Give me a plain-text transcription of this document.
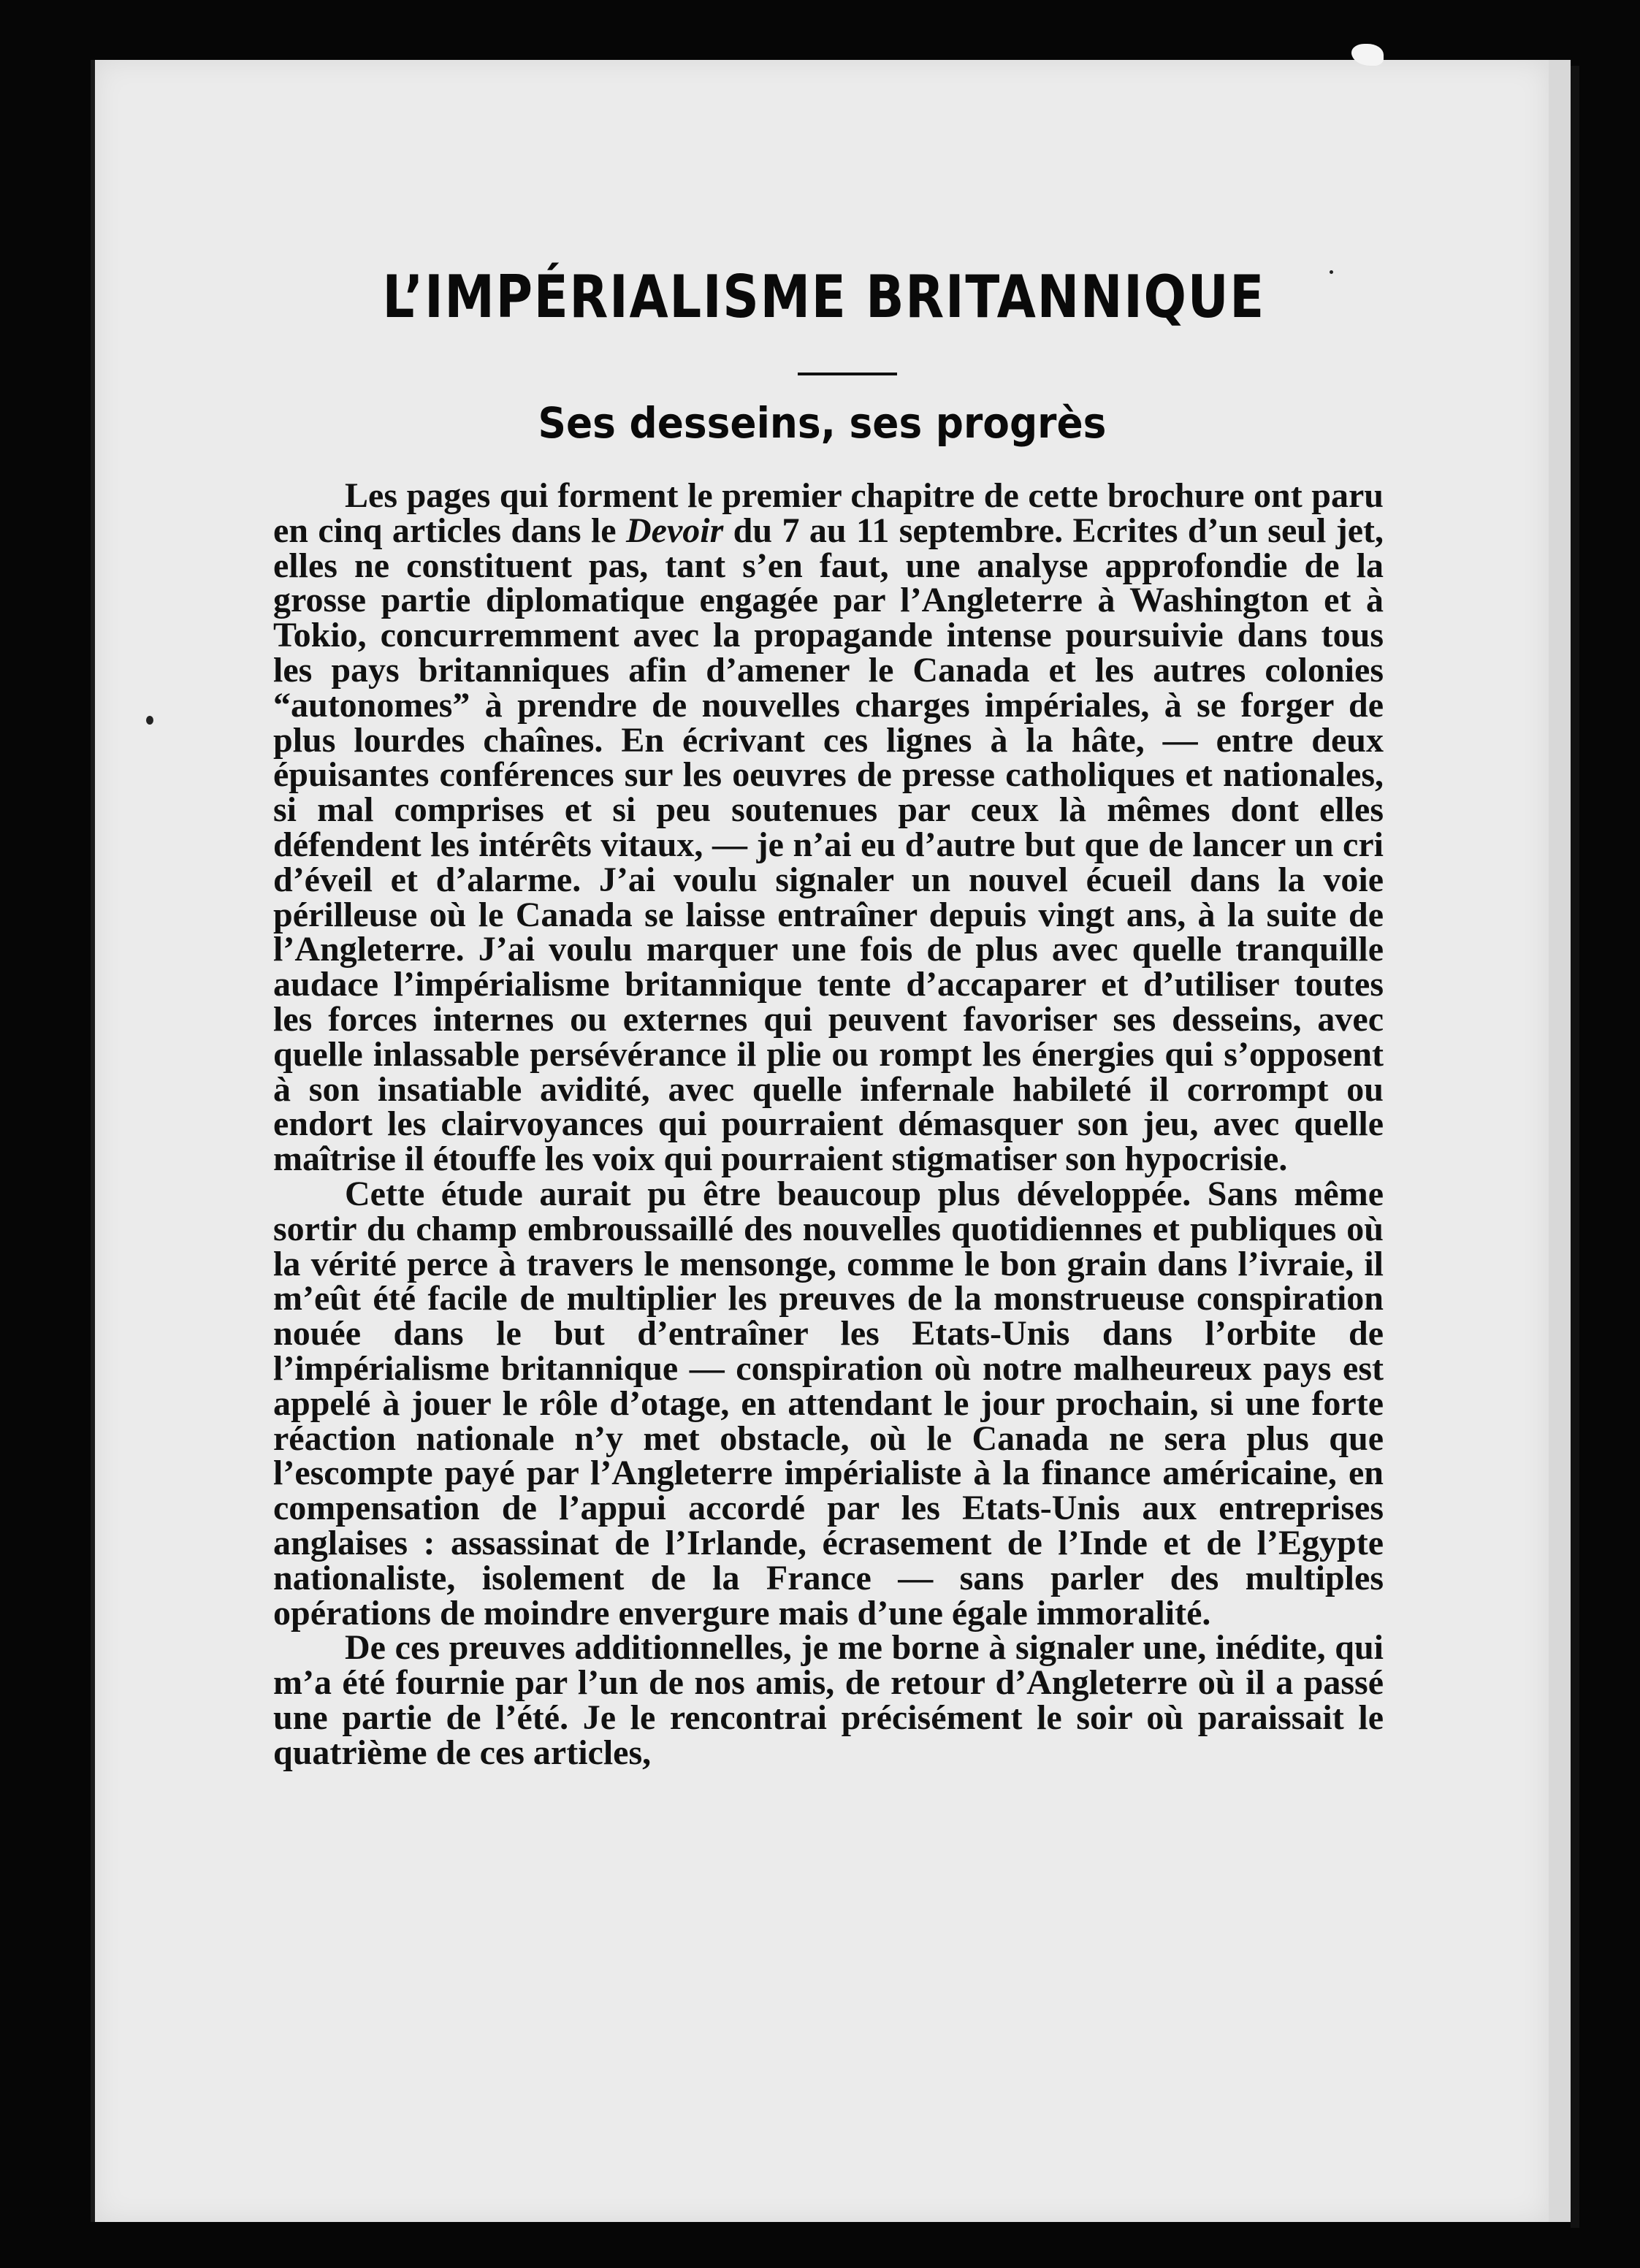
L’IMPÉRIALISME BRITANNIQUE
Ses desseins, ses progrès

Les pages qui forment le premier chapitre de cette brochure ont paru en cinq articles dans le Devoir du 7 au 11 septembre. Ecrites d’un seul jet, elles ne constituent pas, tant s’en faut, une analyse approfondie de la grosse partie diplomatique engagée par l’Angleterre à Washington et à Tokio, concurremment avec la propagande intense poursuivie dans tous les pays britanniques afin d’amener le Canada et les autres colonies “autonomes” à prendre de nouvelles charges impériales, à se forger de plus lourdes chaînes. En écrivant ces lignes à la hâte, — entre deux épuisantes conférences sur les oeuvres de presse catholiques et nationales, si mal comprises et si peu soutenues par ceux là mêmes dont elles défendent les intérêts vitaux, — je n’ai eu d’autre but que de lancer un cri d’éveil et d’alarme. J’ai voulu signaler un nouvel écueil dans la voie périlleuse où le Canada se laisse entraîner depuis vingt ans, à la suite de l’Angleterre. J’ai voulu marquer une fois de plus avec quelle tranquille audace l’impérialisme britannique tente d’accaparer et d’utiliser toutes les forces internes ou externes qui peuvent favoriser ses desseins, avec quelle inlassable persévérance il plie ou rompt les énergies qui s’opposent à son insatiable avidité, avec quelle infernale habileté il corrompt ou endort les clairvoyances qui pourraient démasquer son jeu, avec quelle maîtrise il étouffe les voix qui pourraient stigmatiser son hypocrisie.

Cette étude aurait pu être beaucoup plus développée. Sans même sortir du champ embroussaillé des nouvelles quotidiennes et publiques où la vérité perce à travers le mensonge, comme le bon grain dans l’ivraie, il m’eût été facile de multiplier les preuves de la monstrueuse conspiration nouée dans le but d’entraîner les Etats-Unis dans l’orbite de l’impérialisme britannique — conspiration où notre malheureux pays est appelé à jouer le rôle d’otage, en attendant le jour prochain, si une forte réaction nationale n’y met obstacle, où le Canada ne sera plus que l’escompte payé par l’Angleterre impérialiste à la finance américaine, en compensation de l’appui accordé par les Etats-Unis aux entreprises anglaises : assassinat de l’Irlande, écrasement de l’Inde et de l’Egypte nationaliste, isolement de la France — sans parler des multiples opérations de moindre envergure mais d’une égale immoralité.

De ces preuves additionnelles, je me borne à signaler une, inédite, qui m’a été fournie par l’un de nos amis, de retour d’Angleterre où il a passé une partie de l’été. Je le rencontrai précisément le soir où paraissait le quatrième de ces articles,
